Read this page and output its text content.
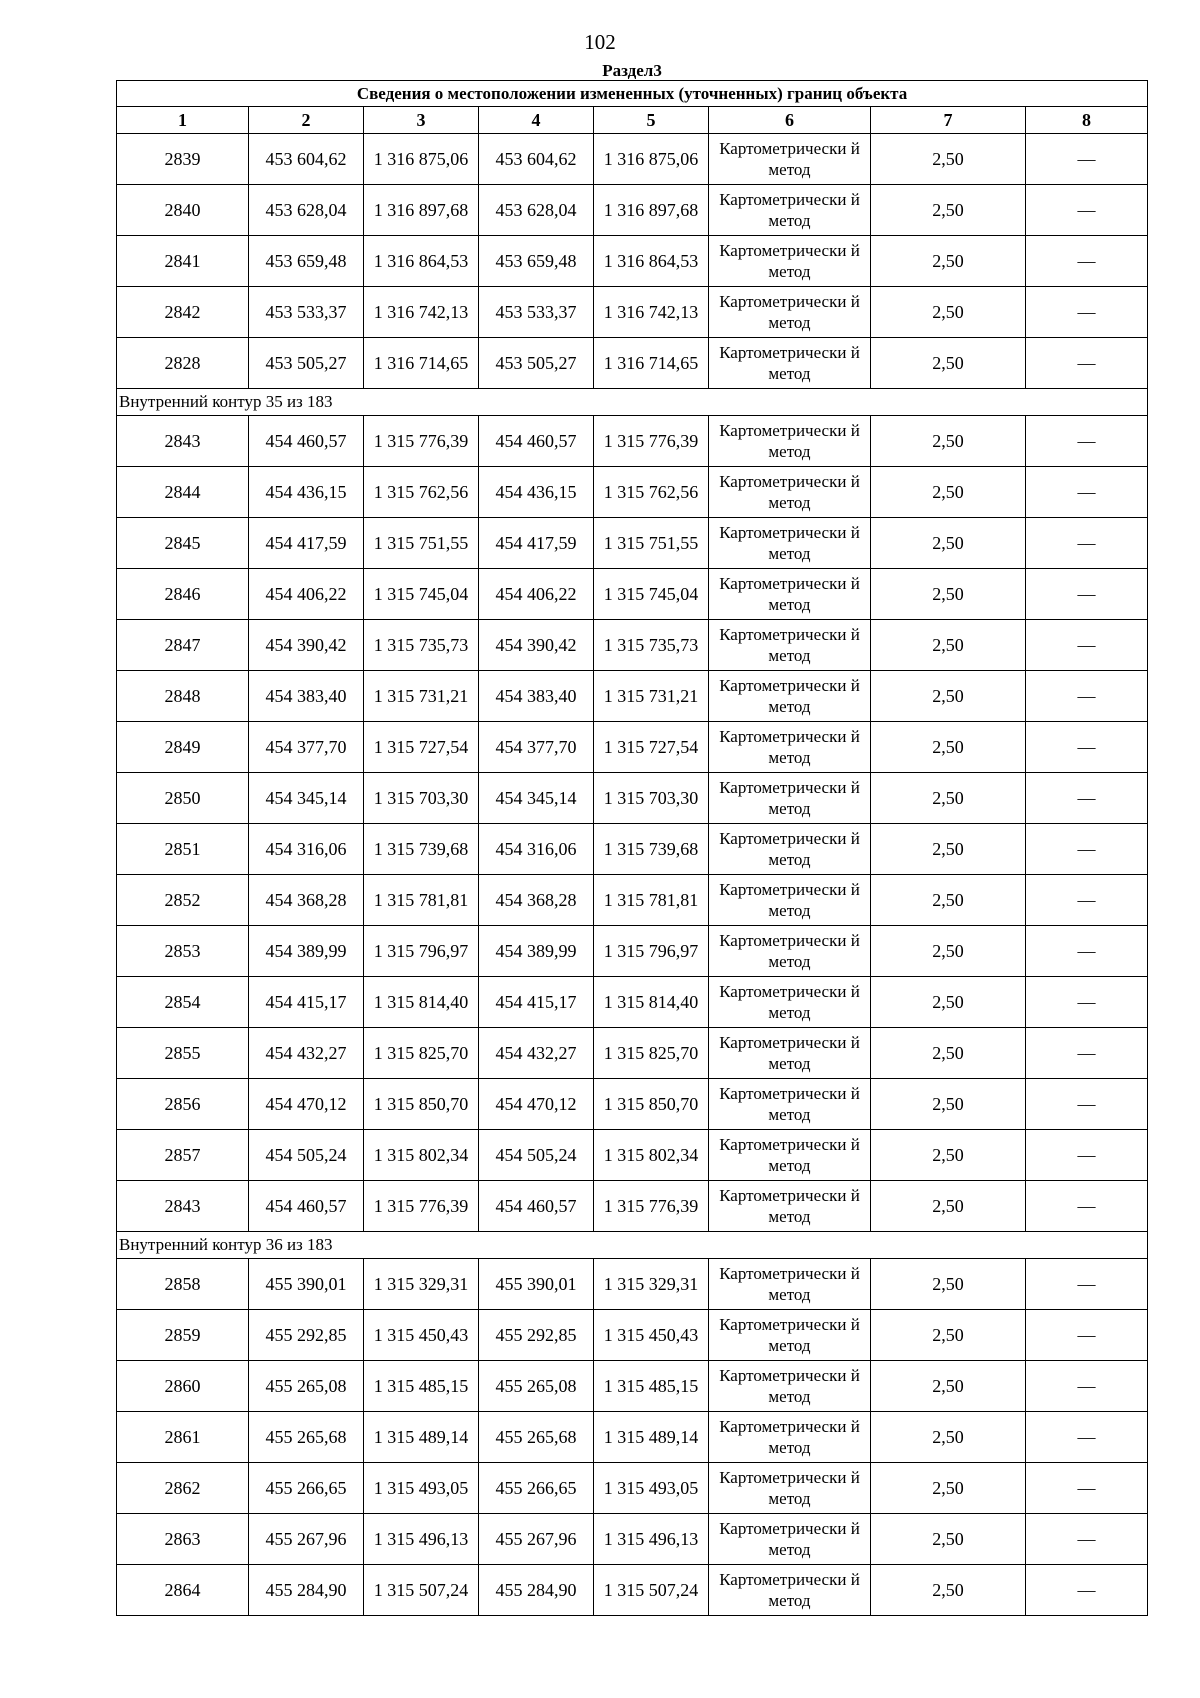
102
Раздел3							
Сведения о местоположении измененных (уточненных) границ объекта							
1	2	3	4	5	6	7	8
2839	453 604,62	1 316 875,06	453 604,62	1 316 875,06	Картометрически й метод	2,50	—
2840	453 628,04	1 316 897,68	453 628,04	1 316 897,68	Картометрически й метод	2,50	—
2841	453 659,48	1 316 864,53	453 659,48	1 316 864,53	Картометрически й метод	2,50	—
2842	453 533,37	1 316 742,13	453 533,37	1 316 742,13	Картометрически й метод	2,50	—
2828	453 505,27	1 316 714,65	453 505,27	1 316 714,65	Картометрически й метод	2,50	—
Внутренний контур 35 из 183							
2843	454 460,57	1 315 776,39	454 460,57	1 315 776,39	Картометрически й метод	2,50	—
2844	454 436,15	1 315 762,56	454 436,15	1 315 762,56	Картометрически й метод	2,50	—
2845	454 417,59	1 315 751,55	454 417,59	1 315 751,55	Картометрически й метод	2,50	—
2846	454 406,22	1 315 745,04	454 406,22	1 315 745,04	Картометрически й метод	2,50	—
2847	454 390,42	1 315 735,73	454 390,42	1 315 735,73	Картометрически й метод	2,50	—
2848	454 383,40	1 315 731,21	454 383,40	1 315 731,21	Картометрически й метод	2,50	—
2849	454 377,70	1 315 727,54	454 377,70	1 315 727,54	Картометрически й метод	2,50	—
2850	454 345,14	1 315 703,30	454 345,14	1 315 703,30	Картометрически й метод	2,50	—
2851	454 316,06	1 315 739,68	454 316,06	1 315 739,68	Картометрически й метод	2,50	—
2852	454 368,28	1 315 781,81	454 368,28	1 315 781,81	Картометрически й метод	2,50	—
2853	454 389,99	1 315 796,97	454 389,99	1 315 796,97	Картометрически й метод	2,50	—
2854	454 415,17	1 315 814,40	454 415,17	1 315 814,40	Картометрически й метод	2,50	—
2855	454 432,27	1 315 825,70	454 432,27	1 315 825,70	Картометрически й метод	2,50	—
2856	454 470,12	1 315 850,70	454 470,12	1 315 850,70	Картометрически й метод	2,50	—
2857	454 505,24	1 315 802,34	454 505,24	1 315 802,34	Картометрически й метод	2,50	—
2843	454 460,57	1 315 776,39	454 460,57	1 315 776,39	Картометрически й метод	2,50	—
Внутренний контур 36 из 183							
2858	455 390,01	1 315 329,31	455 390,01	1 315 329,31	Картометрически й метод	2,50	—
2859	455 292,85	1 315 450,43	455 292,85	1 315 450,43	Картометрически й метод	2,50	—
2860	455 265,08	1 315 485,15	455 265,08	1 315 485,15	Картометрически й метод	2,50	—
2861	455 265,68	1 315 489,14	455 265,68	1 315 489,14	Картометрически й метод	2,50	—
2862	455 266,65	1 315 493,05	455 266,65	1 315 493,05	Картометрически й метод	2,50	—
2863	455 267,96	1 315 496,13	455 267,96	1 315 496,13	Картометрически й метод	2,50	—
2864	455 284,90	1 315 507,24	455 284,90	1 315 507,24	Картометрически й метод	2,50	—
